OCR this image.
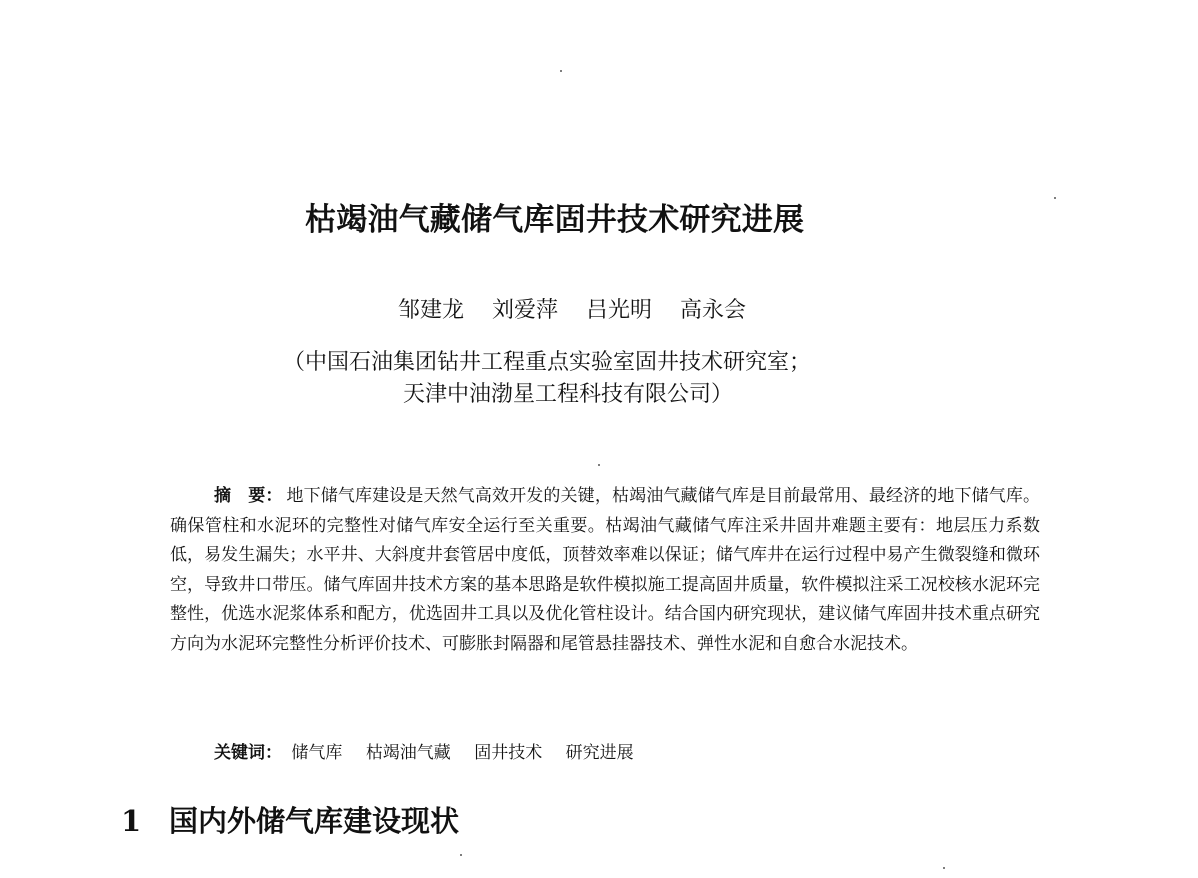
枯竭油气藏储气库固井技术研究进展
邹建龙 刘爱萍 吕光明 高永会
（中国石油集团钻井工程重点实验室固井技术研究室；
天津中油渤星工程科技有限公司）
摘　要： 地下储气库建设是天然气高效开发的关键，枯竭油气藏储气库是目前最常用、最经济的地下储气库。确保管柱和水泥环的完整性对储气库安全运行至关重要。枯竭油气藏储气库注采井固井难题主要有：地层压力系数低，易发生漏失；水平井、大斜度井套管居中度低，顶替效率难以保证；储气库井在运行过程中易产生微裂缝和微环空，导致井口带压。储气库固井技术方案的基本思路是软件模拟施工提高固井质量，软件模拟注采工况校核水泥环完整性，优选水泥浆体系和配方，优选固井工具以及优化管柱设计。结合国内研究现状，建议储气库固井技术重点研究方向为水泥环完整性分析评价技术、可膨胀封隔器和尾管悬挂器技术、弹性水泥和自愈合水泥技术。
关键词： 储气库 枯竭油气藏 固井技术 研究进展
1 国内外储气库建设现状
